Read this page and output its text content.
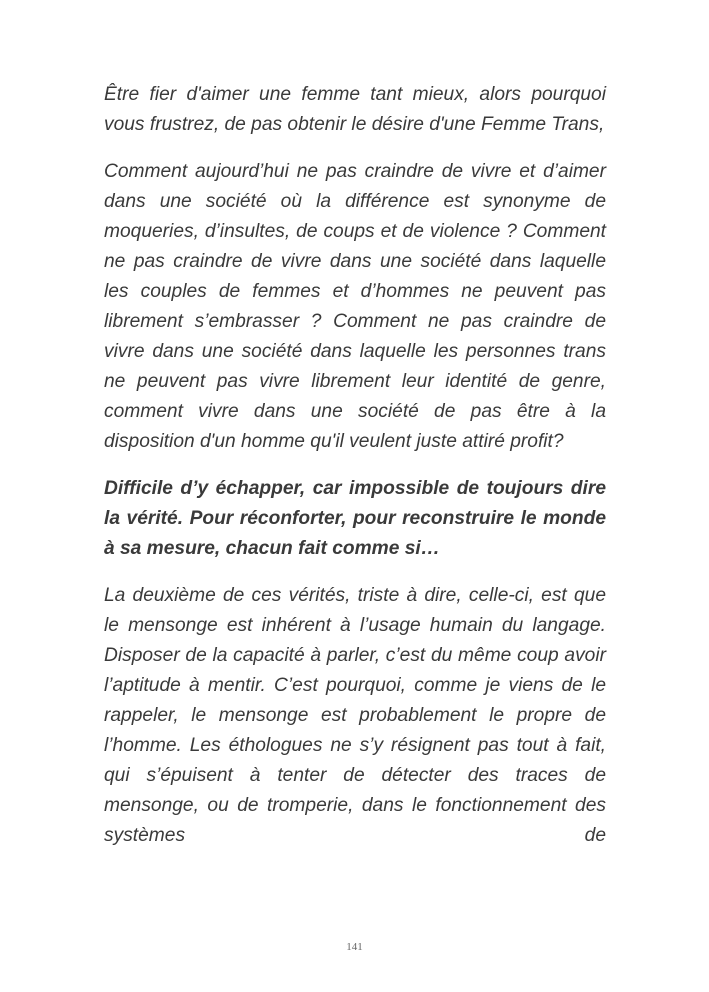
Être fier d'aimer une femme tant mieux, alors pourquoi vous frustrez, de pas obtenir le désire d'une Femme Trans,

Comment aujourd’hui ne pas craindre de vivre et d’aimer dans une société où la différence est synonyme de moqueries, d’insultes, de coups et de violence ? Comment ne pas craindre de vivre dans une société dans laquelle les couples de femmes et d’hommes ne peuvent pas librement s’embrasser ? Comment ne pas craindre de vivre dans une société dans laquelle les personnes trans ne peuvent pas vivre librement leur identité de genre, comment vivre dans une société de pas être à la disposition d'un homme qu'il veulent juste attiré profit?

Difficile d’y échapper, car impossible de toujours dire la vérité. Pour réconforter, pour reconstruire le monde à sa mesure, chacun fait comme si…

La deuxième de ces vérités, triste à dire, celle-ci, est que le mensonge est inhérent à l’usage humain du langage. Disposer de la capacité à parler, c’est du même coup avoir l’aptitude à mentir. C’est pourquoi, comme je viens de le rappeler, le mensonge est probablement le propre de l’homme. Les éthologues ne s’y résignent pas tout à fait, qui s’épuisent à tenter de détecter des traces de mensonge, ou de tromperie, dans le fonctionnement des systèmes de

141
